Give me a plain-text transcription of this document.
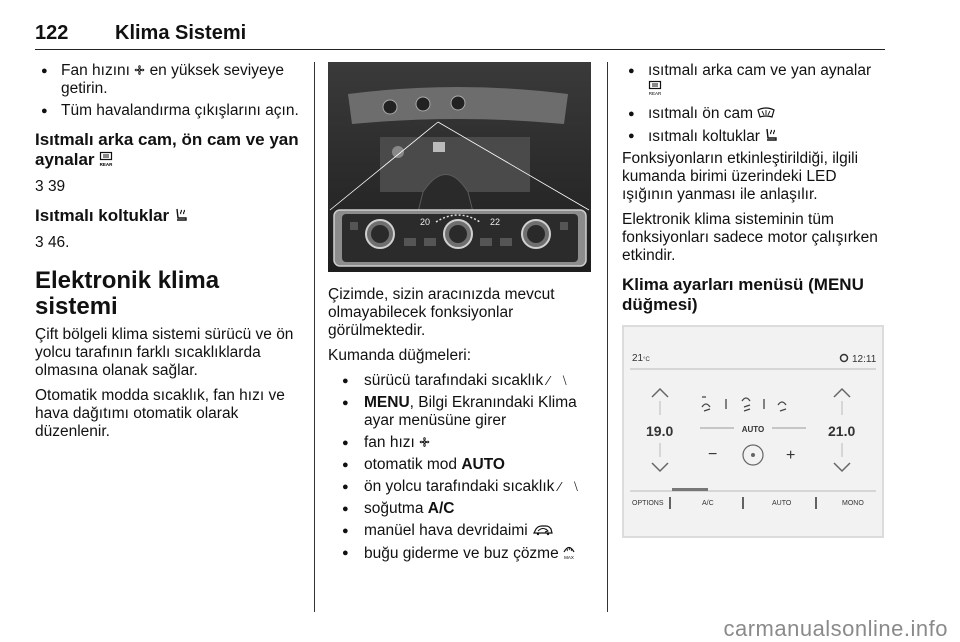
122 Klima Sistemi
● Fan hızını en yüksek seviyeye getirin.
● Tüm havalandırma çıkışlarını açın.
Isıtmalı arka cam, ön cam ve yan aynalar REAR
3 39
Isıtmalı koltuklar
3 46.
Elektronik klima sistemi

Çift bölgeli klima sistemi sürücü ve ön yolcu tarafının farklı sıcaklıklarda olmasına olanak sağlar.

Otomatik modda sıcaklık, fan hızı ve hava dağıtımı otomatik olarak düzenlenir.

20	22

Çizimde, sizin aracınızda mevcut olmayabilecek fonksiyonlar görülmektedir.

Kumanda düğmeleri:

● sürücü tarafındaki sıcaklık ⁄ ⧵
● MENU, Bilgi Ekranındaki Klima ayar menüsüne girer
● fan hızı
● otomatik mod AUTO
● ön yolcu tarafındaki sıcaklık ⁄ ⧵
● soğutma A/C
● manüel hava devridaimi
● buğu giderme ve buz çözme MAX
● ısıtmalı arka cam ve yan aynalar

REAR
● ısıtmalı ön cam
● ısıtmalı koltuklar

Fonksiyonların etkinleştirildiği, ilgili kumanda birimi üzerindeki LED ışığının yanması ile anlaşılır.

Elektronik klima sisteminin tüm fonksiyonları sadece motor çalışırken etkindir.

Klima ayarları menüsü (MENU düğmesi)
21°C	12:11
19.0	21.0
AUTO
−	+
OPTIONS	A/C	AUTO	MONO
carmanualsonline.info
